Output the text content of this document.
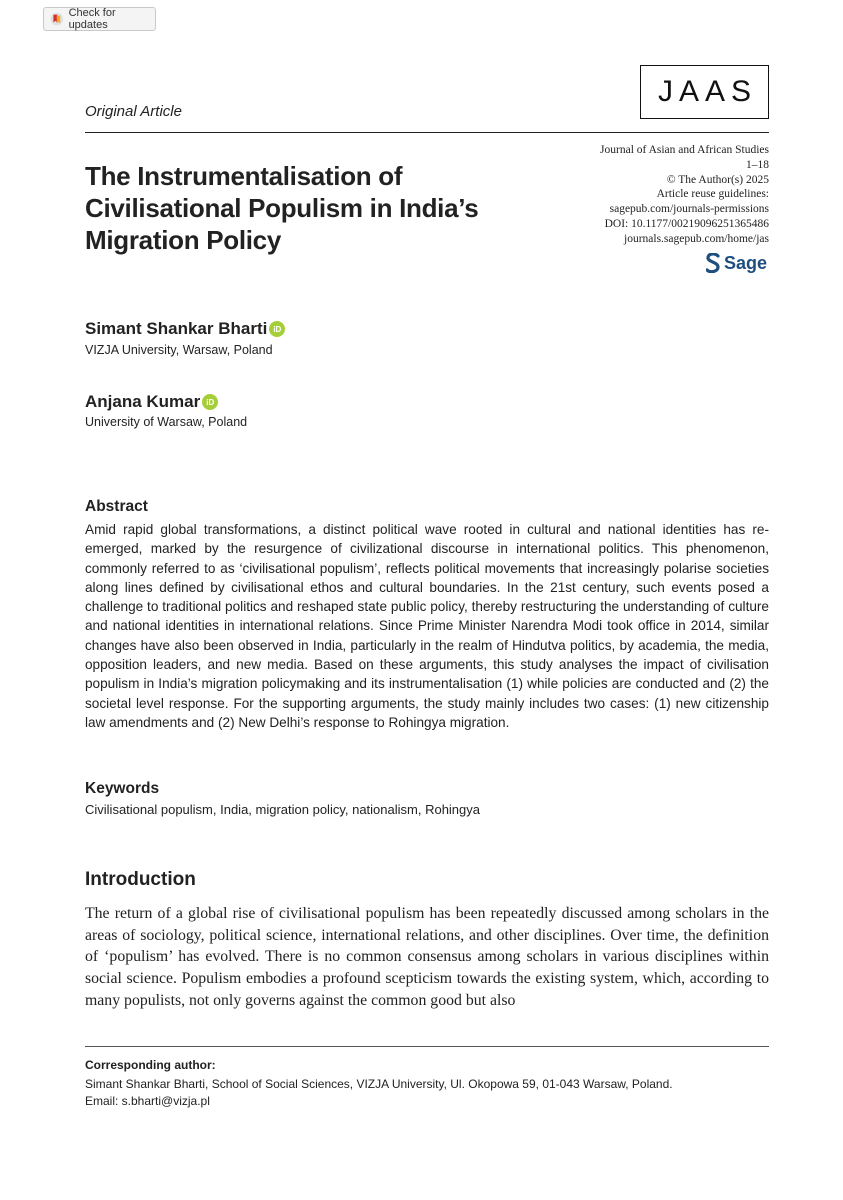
Check for updates
JAAS
Original Article
The Instrumentalisation of
Civilisational Populism in India’s
Migration Policy
Journal of Asian and African Studies
1–18
© The Author(s) 2025
Article reuse guidelines:
sagepub.com/journals-permissions
DOI: 10.1177/00219096251365486
journals.sagepub.com/home/jas
Sage
Simant Shankar Bharti iD
VIZJA University, Warsaw, Poland
Anjana Kumar iD
University of Warsaw, Poland
Abstract

Amid rapid global transformations, a distinct political wave rooted in cultural and national identities has re-emerged, marked by the resurgence of civilizational discourse in international politics. This phenomenon, commonly referred to as ‘civilisational populism’, reflects political movements that increasingly polarise societies along lines defined by civilisational ethos and cultural boundaries. In the 21st century, such events posed a challenge to traditional politics and reshaped state public policy, thereby restructuring the understanding of culture and national identities in international relations. Since Prime Minister Narendra Modi took office in 2014, similar changes have also been observed in India, particularly in the realm of Hindutva politics, by academia, the media, opposition leaders, and new media. Based on these arguments, this study analyses the impact of civilisation populism in India’s migration policymaking and its instrumentalisation (1) while policies are conducted and (2) the societal level response. For the supporting arguments, the study mainly includes two cases: (1) new citizenship law amendments and (2) New Delhi’s response to Rohingya migration.

Keywords
Civilisational populism, India, migration policy, nationalism, Rohingya
Introduction

The return of a global rise of civilisational populism has been repeatedly discussed among scholars in the areas of sociology, political science, international relations, and other disciplines. Over time, the definition of ‘populism’ has evolved. There is no common consensus among scholars in various disciplines within social science. Populism embodies a profound scepticism towards the existing system, which, according to many populists, not only governs against the common good but also

Corresponding author:
Simant Shankar Bharti, School of Social Sciences, VIZJA University, Ul. Okopowa 59, 01-043 Warsaw, Poland.
Email: s.bharti@vizja.pl
